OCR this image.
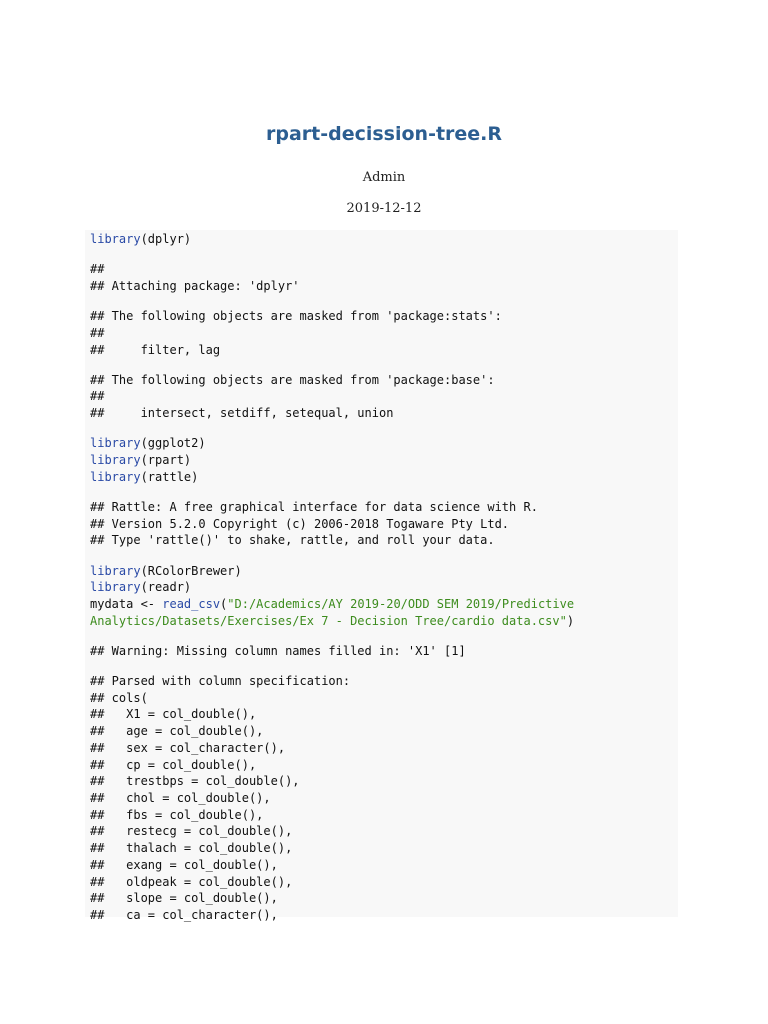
rpart-decission-tree.R
Admin
2019-12-12
library(dplyr)
##
## Attaching package: 'dplyr'
## The following objects are masked from 'package:stats':
##
##     filter, lag
## The following objects are masked from 'package:base':
##
##     intersect, setdiff, setequal, union
library(ggplot2)
library(rpart)
library(rattle)
## Rattle: A free graphical interface for data science with R.
## Version 5.2.0 Copyright (c) 2006-2018 Togaware Pty Ltd.
## Type 'rattle()' to shake, rattle, and roll your data.
library(RColorBrewer)
library(readr)
mydata <- read_csv("D:/Academics/AY 2019-20/ODD SEM 2019/Predictive
Analytics/Datasets/Exercises/Ex 7 - Decision Tree/cardio data.csv")
## Warning: Missing column names filled in: 'X1' [1]
## Parsed with column specification:
## cols(
##   X1 = col_double(),
##   age = col_double(),
##   sex = col_character(),
##   cp = col_double(),
##   trestbps = col_double(),
##   chol = col_double(),
##   fbs = col_double(),
##   restecg = col_double(),
##   thalach = col_double(),
##   exang = col_double(),
##   oldpeak = col_double(),
##   slope = col_double(),
##   ca = col_character(),
